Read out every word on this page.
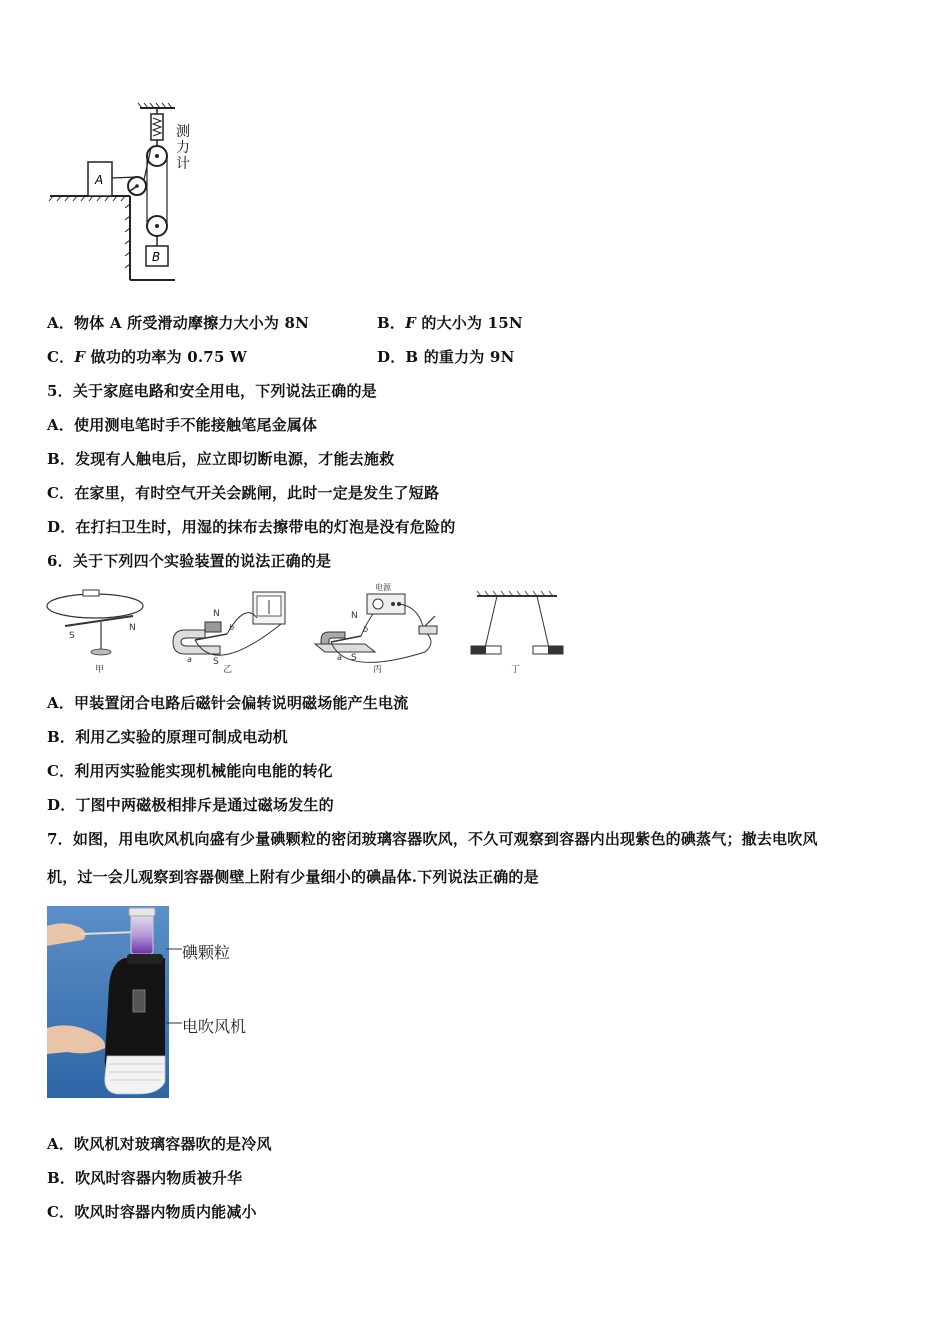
A
B
测力计
A．物体 A 所受滑动摩擦力大小为 8N	B．F 的大小为 15N
C．F 做功的功率为 0.75 W	D．B 的重力为 9N
5．关于家庭电路和安全用电，下列说法正确的是
A．使用测电笔时手不能接触笔尾金属体
B．发现有人触电后，应立即切断电源，才能去施救
C．在家里，有时空气开关会跳闸，此时一定是发生了短路
D．在打扫卫生时，用湿的抹布去擦带电的灯泡是没有危险的
6．关于下列四个实验装置的说法正确的是
S
N
甲
N
S
a
b
乙
电源
N
S
a
b
丙	丁
A．甲装置闭合电路后磁针会偏转说明磁场能产生电流
B．利用乙实验的原理可制成电动机
C．利用丙实验能实现机械能向电能的转化
D．丁图中两磁极相排斥是通过磁场发生的
7．如图，用电吹风机向盛有少量碘颗粒的密闭玻璃容器吹风，不久可观察到容器内出现紫色的碘蒸气；撤去电吹风
机，过一会儿观察到容器侧壁上附有少量细小的碘晶体.下列说法正确的是
碘颗粒
电吹风机
A．吹风机对玻璃容器吹的是冷风
B．吹风时容器内物质被升华
C．吹风时容器内物质内能减小
